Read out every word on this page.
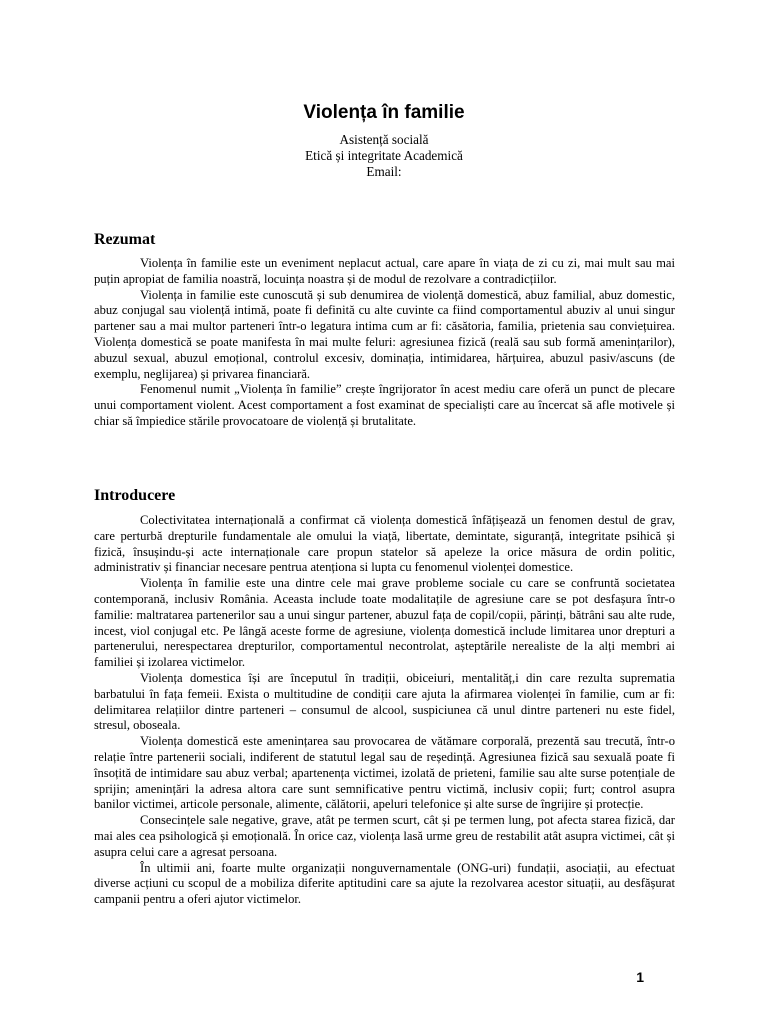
Violența în familie
Asistență socială
Etică și integritate Academică
Email:
Rezumat

Violența în familie este un eveniment neplacut actual, care apare în viața de zi cu zi, mai mult sau mai puțin apropiat de familia noastră, locuința noastra și de modul de rezolvare a contradicțiilor.

Violența in familie este cunoscută și sub denumirea de violență domestică, abuz familial, abuz domestic, abuz conjugal sau violență intimă, poate fi definită cu alte cuvinte ca fiind comportamentul abuziv al unui singur partener sau a mai multor parteneri într-o legatura intima cum ar fi: căsătoria, familia, prietenia sau conviețuirea. Violența domestică se poate manifesta în mai multe feluri: agresiunea fizică (reală sau sub formă amenințarilor), abuzul sexual, abuzul emoțional, controlul excesiv, dominația, intimidarea, hărțuirea, abuzul pasiv/ascuns (de exemplu, neglijarea) și privarea financiară.

Fenomenul numit „Violența în familie” crește îngrijorator în acest mediu care oferă un punct de plecare unui comportament violent. Acest comportament a fost examinat de specialiști care au încercat să afle motivele și chiar să împiedice stările provocatoare de violență și brutalitate.

Introducere

Colectivitatea internațională a confirmat că violența domestică înfățișează un fenomen destul de grav, care perturbă drepturile fundamentale ale omului la viață, libertate, demintate, siguranță, integritate psihică și fizică, însușindu-și acte internaționale care propun statelor să apeleze la orice măsura de ordin politic, administrativ și financiar necesare pentrua atenționa si lupta cu fenomenul violenței domestice.

Violența în familie este una dintre cele mai grave probleme sociale cu care se confruntă societatea contemporană, inclusiv România. Aceasta include toate modalitațile de agresiune care se pot desfașura într-o familie: maltratarea partenerilor sau a unui singur partener, abuzul fața de copil/copii, părinți, bătrâni sau alte rude, incest, viol conjugal etc. Pe lângă aceste forme de agresiune, violența domestică include limitarea unor drepturi a partenerului, nerespectarea drepturilor, comportamentul necontrolat, așteptările nerealiste de la alți membri ai familiei și izolarea victimelor.

Violența domestica își are începutul în tradiții, obiceiuri, mentalităț,i din care rezulta suprematia barbatului în fața femeii. Exista o multitudine de condiții care ajuta la afirmarea violenței în familie, cum ar fi: delimitarea relațiilor dintre parteneri – consumul de alcool, suspiciunea că unul dintre parteneri nu este fidel, stresul, oboseala.

Violența domestică este amenințarea sau provocarea de vătămare corporală, prezentă sau trecută, într-o relație între partenerii sociali, indiferent de statutul legal sau de reședință. Agresiunea fizică sau sexuală poate fi însoțită de intimidare sau abuz verbal; apartenența victimei, izolată de prieteni, familie sau alte surse potențiale de sprijin; amenințări la adresa altora care sunt semnificative pentru victimă, inclusiv copii; furt; control asupra banilor victimei, articole personale, alimente, călătorii, apeluri telefonice și alte surse de îngrijire și protecție.

Consecințele sale negative, grave, atât pe termen scurt, cât și pe termen lung, pot afecta starea fizică, dar mai ales cea psihologică și emoțională. În orice caz, violența lasă urme greu de restabilit atât asupra victimei, cât și asupra celui care a agresat persoana.

În ultimii ani, foarte multe organizații nonguvernamentale (ONG-uri) fundații, asociații, au efectuat diverse acțiuni cu scopul de a mobiliza diferite aptitudini care sa ajute la rezolvarea acestor situații, au desfășurat campanii pentru a oferi ajutor victimelor.

1
